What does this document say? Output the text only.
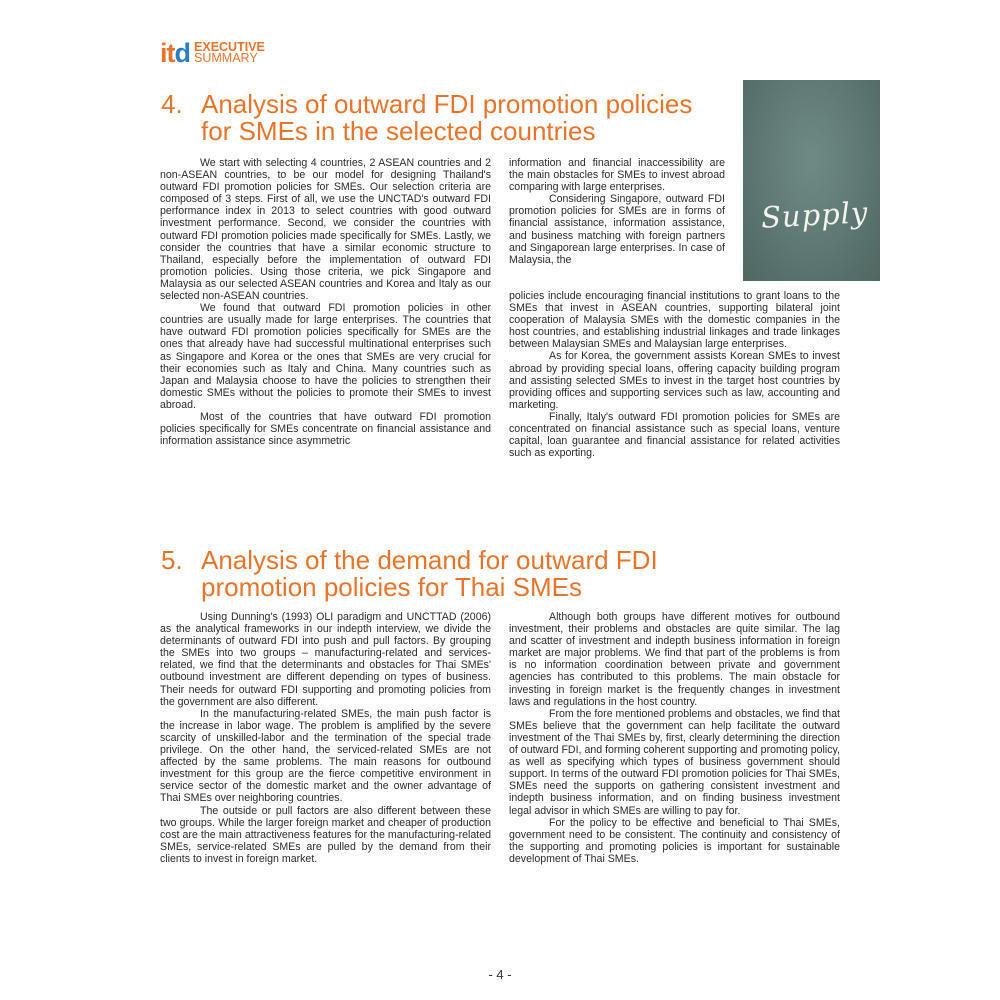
itd EXECUTIVE
SUMMARY
4. Analysis of outward FDI promotion policies
for SMEs in the selected countries
Supply

We start with selecting 4 countries, 2 ASEAN countries and 2 non-ASEAN countries, to be our model for designing Thailand's outward FDI promotion policies for SMEs. Our selection criteria are composed of 3 steps. First of all, we use the UNCTAD's outward FDI performance index in 2013 to select countries with good outward investment performance. Second, we consider the countries with outward FDI promotion policies made specifically for SMEs. Lastly, we consider the countries that have a similar economic structure to Thailand, especially before the implementation of outward FDI promotion policies. Using those criteria, we pick Singapore and Malaysia as our selected ASEAN countries and Korea and Italy as our selected non-ASEAN countries.

We found that outward FDI promotion policies in other countries are usually made for large enterprises. The countries that have outward FDI promotion policies specifically for SMEs are the ones that already have had successful multinational enterprises such as Singapore and Korea or the ones that SMEs are very crucial for their economies such as Italy and China. Many countries such as Japan and Malaysia choose to have the policies to strengthen their domestic SMEs without the policies to promote their SMEs to invest abroad.

Most of the countries that have outward FDI promotion policies specifically for SMEs concentrate on financial assistance and information assistance since asymmetric

information and financial inaccessibility are the main obstacles for SMEs to invest abroad comparing with large enterprises.

Considering Singapore, outward FDI promotion policies for SMEs are in forms of financial assistance, information assistance, and business matching with foreign partners and Singaporean large enterprises. In case of Malaysia, the

policies include encouraging financial institutions to grant loans to the SMEs that invest in ASEAN countries, supporting bilateral joint cooperation of Malaysia SMEs with the domestic companies in the host countries, and establishing industrial linkages and trade linkages between Malaysian SMEs and Malaysian large enterprises.

As for Korea, the government assists Korean SMEs to invest abroad by providing special loans, offering capacity building program and assisting selected SMEs to invest in the target host countries by providing offices and supporting services such as law, accounting and marketing.

Finally, Italy's outward FDI promotion policies for SMEs are concentrated on financial assistance such as special loans, venture capital, loan guarantee and financial assistance for related activities such as exporting.

5. Analysis of the demand for outward FDI
promotion policies for Thai SMEs

Using Dunning's (1993) OLI paradigm and UNCTTAD (2006) as the analytical frameworks in our indepth interview, we divide the determinants of outward FDI into push and pull factors. By grouping the SMEs into two groups – manufacturing-related and services-related, we find that the determinants and obstacles for Thai SMEs' outbound investment are different depending on types of business. Their needs for outward FDI supporting and promoting policies from the government are also different.

In the manufacturing-related SMEs, the main push factor is the increase in labor wage. The problem is amplified by the severe scarcity of unskilled-labor and the termination of the special trade privilege. On the other hand, the serviced-related SMEs are not affected by the same problems. The main reasons for outbound investment for this group are the fierce competitive environment in service sector of the domestic market and the owner advantage of Thai SMEs over neighboring countries.

The outside or pull factors are also different between these two groups. While the larger foreign market and cheaper of production cost are the main attractiveness features for the manufacturing-related SMEs, service-related SMEs are pulled by the demand from their clients to invest in foreign market.

Although both groups have different motives for outbound investment, their problems and obstacles are quite similar. The lag and scatter of investment and indepth business information in foreign market are major problems. We find that part of the problems is from is no information coordination between private and government agencies has contributed to this problems. The main obstacle for investing in foreign market is the frequently changes in investment laws and regulations in the host country.

From the fore mentioned problems and obstacles, we find that SMEs believe that the government can help facilitate the outward investment of the Thai SMEs by, first, clearly determining the direction of outward FDI, and forming coherent supporting and promoting policy, as well as specifying which types of business government should support. In terms of the outward FDI promotion policies for Thai SMEs, SMEs need the supports on gathering consistent investment and indepth business information, and on finding business investment legal advisor in which SMEs are willing to pay for.

For the policy to be effective and beneficial to Thai SMEs, government need to be consistent. The continuity and consistency of the supporting and promoting policies is important for sustainable development of Thai SMEs.

- 4 -
